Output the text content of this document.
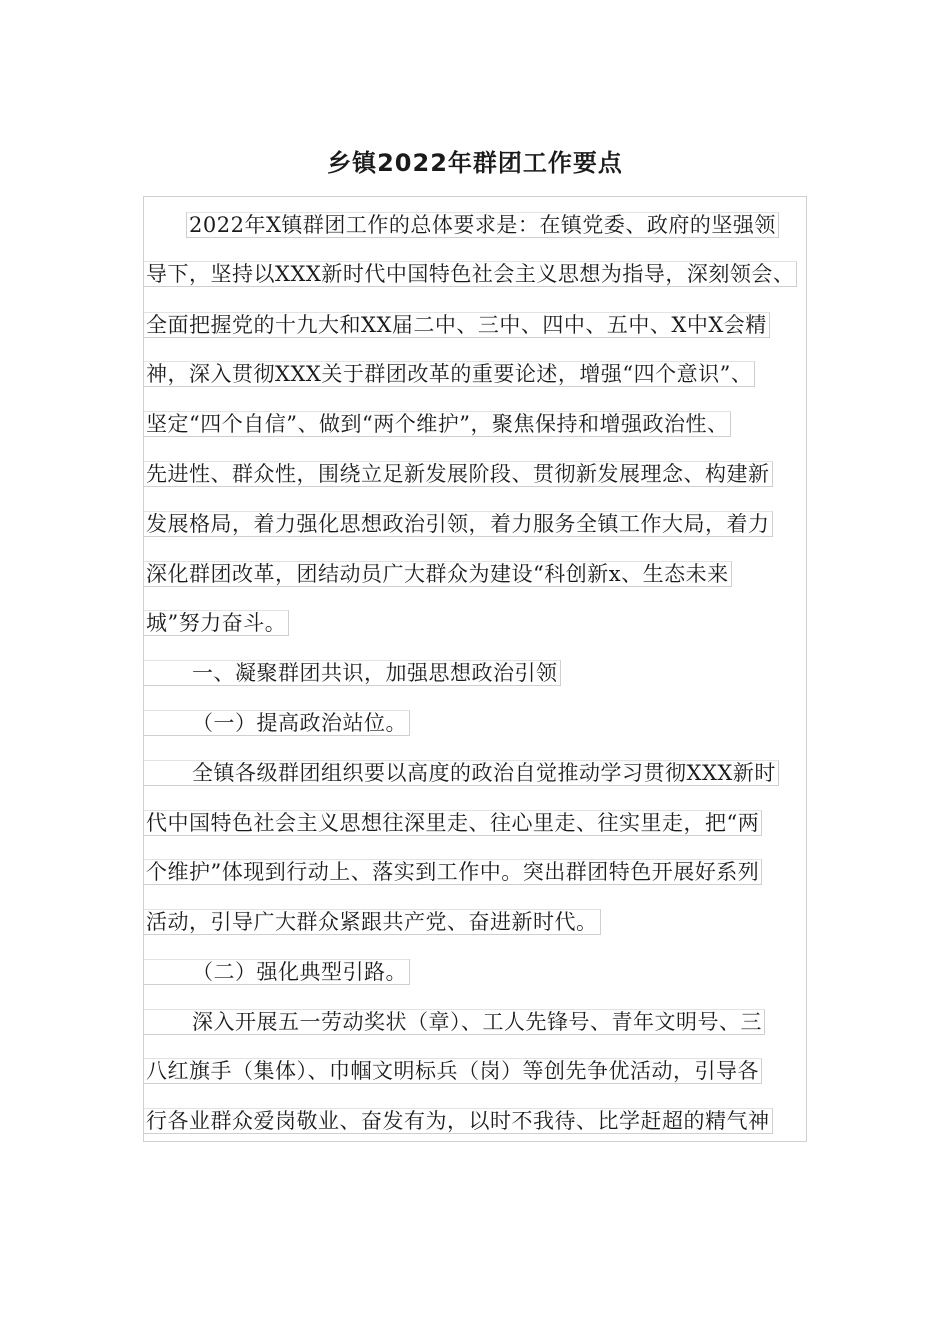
乡镇2022年群团工作要点
2022年X镇群团工作的总体要求是：在镇党委、政府的坚强领
导下，坚持以XXX新时代中国特色社会主义思想为指导，深刻领会、
全面把握党的十九大和XX届二中、三中、四中、五中、X中X会精
神，深入贯彻XXX关于群团改革的重要论述，增强“四个意识”、
坚定“四个自信”、做到“两个维护”，聚焦保持和增强政治性、
先进性、群众性，围绕立足新发展阶段、贯彻新发展理念、构建新
发展格局，着力强化思想政治引领，着力服务全镇工作大局，着力
深化群团改革，团结动员广大群众为建设“科创新x、生态未来
城”努力奋斗。
一、凝聚群团共识，加强思想政治引领
（一）提高政治站位。
全镇各级群团组织要以高度的政治自觉推动学习贯彻XXX新时
代中国特色社会主义思想往深里走、往心里走、往实里走，把“两
个维护”体现到行动上、落实到工作中。突出群团特色开展好系列
活动，引导广大群众紧跟共产党、奋进新时代。
（二）强化典型引路。
深入开展五一劳动奖状（章）、工人先锋号、青年文明号、三
八红旗手（集体）、巾帼文明标兵（岗）等创先争优活动，引导各
行各业群众爱岗敬业、奋发有为，以时不我待、比学赶超的精气神
